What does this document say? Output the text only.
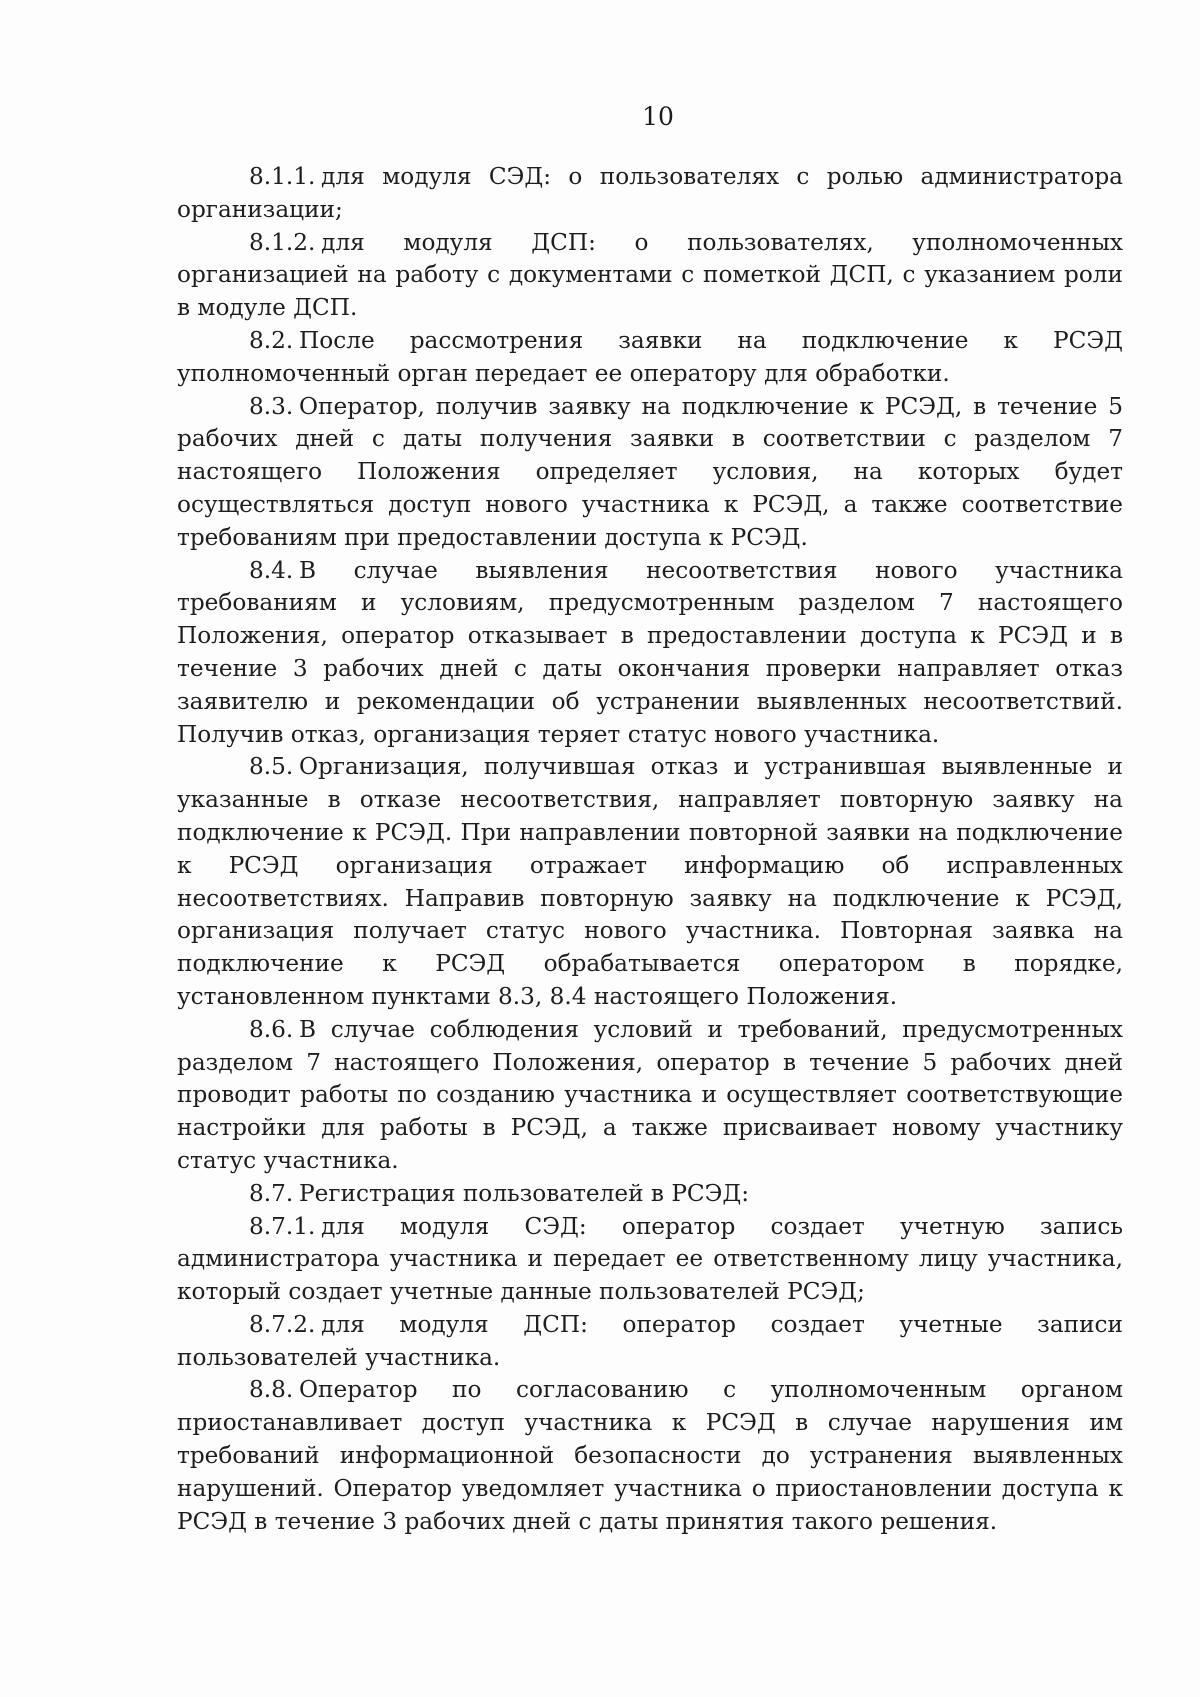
10

8.1.1. для модуля СЭД: о пользователях с ролью администратора организации;

8.1.2. для модуля ДСП: о пользователях, уполномоченных организацией на работу с документами с пометкой ДСП, с указанием роли в модуле ДСП.

8.2. После рассмотрения заявки на подключение к РСЭД уполномоченный орган передает ее оператору для обработки.

8.3. Оператор, получив заявку на подключение к РСЭД, в течение 5 рабочих дней с даты получения заявки в соответствии с разделом 7 настоящего Положения определяет условия, на которых будет осуществляться доступ нового участника к РСЭД, а также соответствие требованиям при предоставлении доступа к РСЭД.

8.4. В случае выявления несоответствия нового участника требованиям и условиям, предусмотренным разделом 7 настоящего Положения, оператор отказывает в предоставлении доступа к РСЭД и в течение 3 рабочих дней с даты окончания проверки направляет отказ заявителю и рекомендации об устранении выявленных несоответствий. Получив отказ, организация теряет статус нового участника.

8.5. Организация, получившая отказ и устранившая выявленные и указанные в отказе несоответствия, направляет повторную заявку на подключение к РСЭД. При направлении повторной заявки на подключение к РСЭД организация отражает информацию об исправленных несоответствиях. Направив повторную заявку на подключение к РСЭД, организация получает статус нового участника. Повторная заявка на подключение к РСЭД обрабатывается оператором в порядке, установленном пунктами 8.3, 8.4 настоящего Положения.

8.6. В случае соблюдения условий и требований, предусмотренных разделом 7 настоящего Положения, оператор в течение 5 рабочих дней проводит работы по созданию участника и осуществляет соответствующие настройки для работы в РСЭД, а также присваивает новому участнику статус участника.

8.7. Регистрация пользователей в РСЭД:

8.7.1. для модуля СЭД: оператор создает учетную запись администратора участника и передает ее ответственному лицу участника, который создает учетные данные пользователей РСЭД;

8.7.2. для модуля ДСП: оператор создает учетные записи пользователей участника.

8.8. Оператор по согласованию с уполномоченным органом приостанавливает доступ участника к РСЭД в случае нарушения им требований информационной безопасности до устранения выявленных нарушений. Оператор уведомляет участника о приостановлении доступа к РСЭД в течение 3 рабочих дней с даты принятия такого решения.
